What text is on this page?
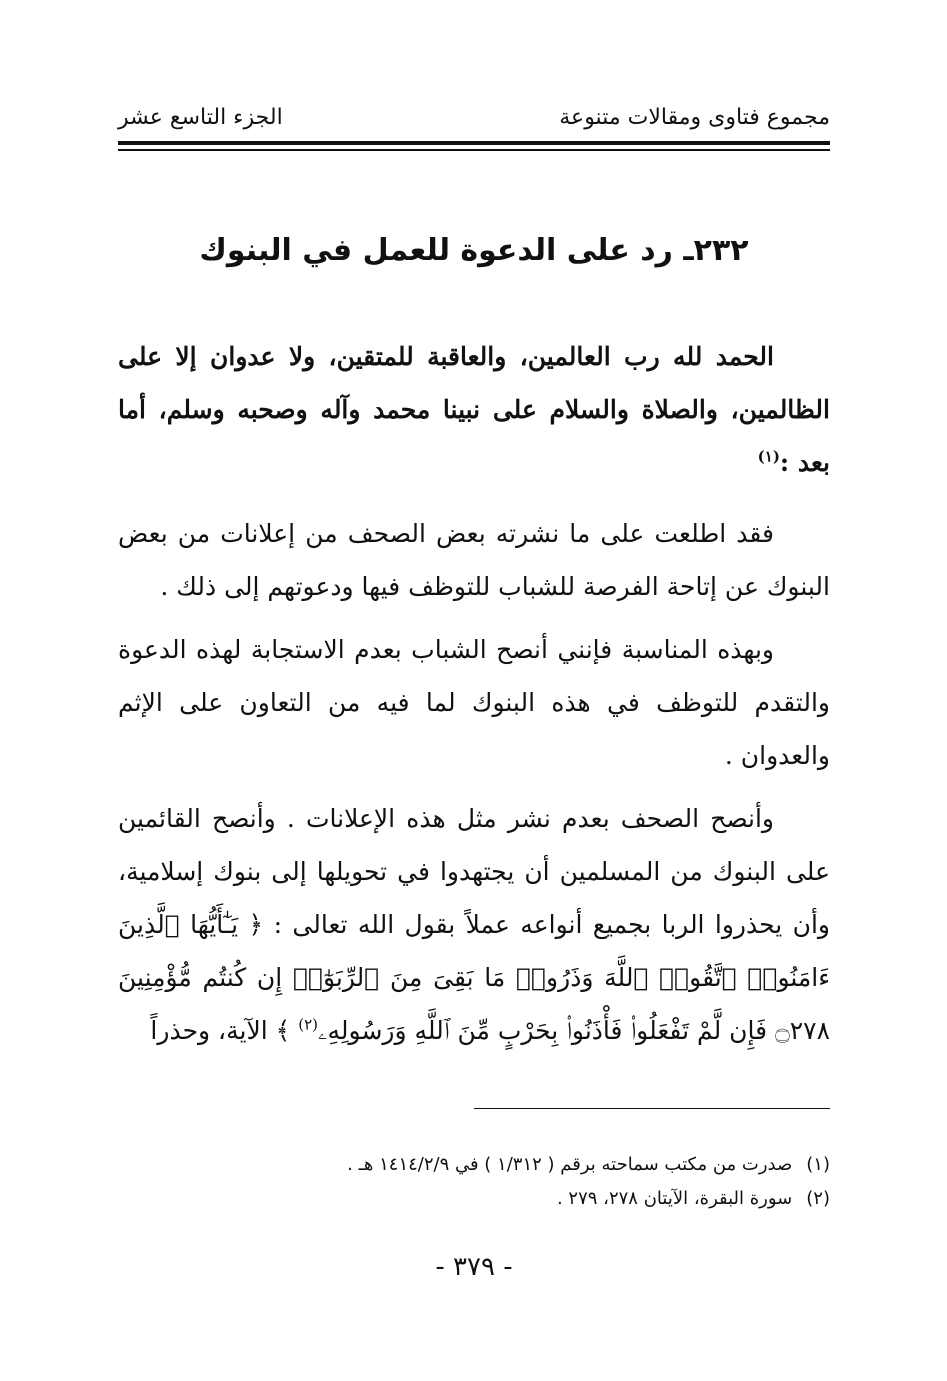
مجموع فتاوى ومقالات متنوعة
الجزء التاسع عشر
٢٣٢ـ رد على الدعوة للعمل في البنوك

الحمد لله رب العالمين، والعاقبة للمتقين، ولا عدوان إلا على الظالمين، والصلاة والسلام على نبينا محمد وآله وصحبه وسلم، أما بعد :$^{(١)}$

فقد اطلعت على ما نشرته بعض الصحف من إعلانات من بعض البنوك عن إتاحة الفرصة للشباب للتوظف فيها ودعوتهم إلى ذلك .

وبهذه المناسبة فإنني أنصح الشباب بعدم الاستجابة لهذه الدعوة والتقدم للتوظف في هذه البنوك لما فيه من التعاون على الإثم والعدوان .

وأنصح الصحف بعدم نشر مثل هذه الإعلانات . وأنصح القائمين على البنوك من المسلمين أن يجتهدوا في تحويلها إلى بنوك إسلامية، وأن يحذروا الربا بجميع أنواعه عملاً بقول الله تعالى : ﴿ يَـٰٓأَيُّهَا ٱلَّذِينَ ءَامَنُوا۟ ٱتَّقُوا۟ ٱللَّهَ وَذَرُوا۟ مَا بَقِىَ مِنَ ٱلرِّبَوٰٓا۟ إِن كُنتُم مُّؤْمِنِينَ ۝٢٧٨ فَإِن لَّمْ تَفْعَلُوا۟ فَأْذَنُوا۟ بِحَرْبٍ مِّنَ ٱللَّهِ وَرَسُولِهِۦ$^{(٢)}$ ﴾ الآية، وحذراً

(١)صدرت من مكتب سماحته برقم ( ١/٣١٢ ) في ١٤١٤/٢/٩ هـ .
(٢)سورة البقرة، الآيتان ٢٧٨، ٢٧٩ .
- ٣٧٩ -
